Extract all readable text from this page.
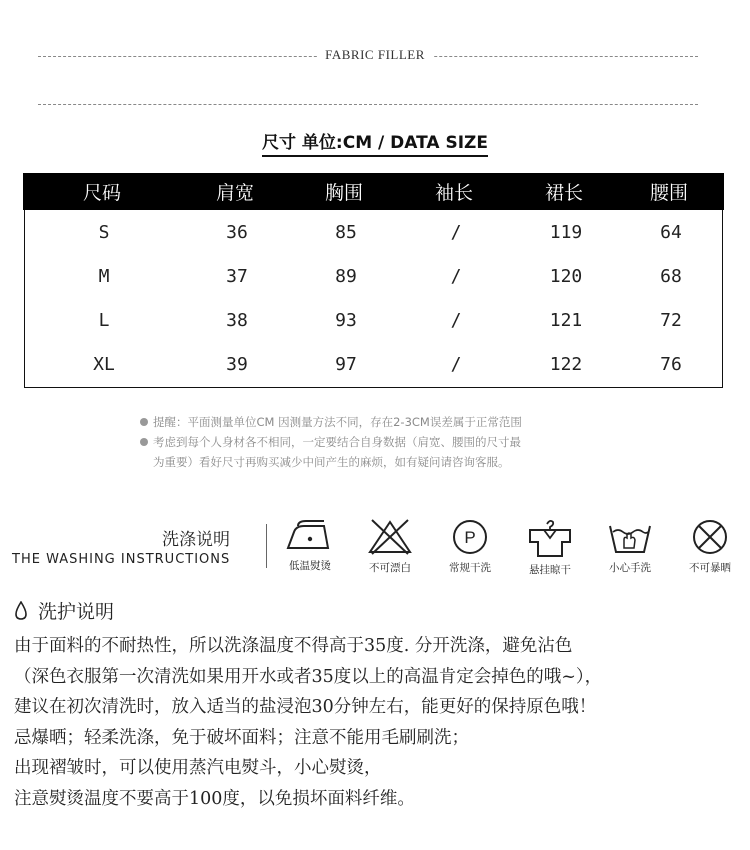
FABRIC FILLER
尺寸 单位:CM / DATA SIZE
尺码	肩宽	胸围	袖长	裙长	腰围
S	36	85	/	119	64
M	37	89	/	120	68
L	38	93	/	121	72
XL	39	97	/	122	76
提醒：平面测量单位CM 因测量方法不同，存在2-3CM误差属于正常范围
考虑到每个人身材各不相同，一定要结合自身数据（肩宽、腰围的尺寸最
为重要）看好尺寸再购买减少中间产生的麻烦，如有疑问请咨询客服。
洗涤说明
THE WASHING INSTRUCTIONS	低温熨烫	不可漂白
P
常规干洗	悬挂晾干	小心手洗	不可暴晒
洗护说明
由于面料的不耐热性，所以洗涤温度不得高于35度. 分开洗涤，避免沾色
（深色衣服第一次清洗如果用开水或者35度以上的高温肯定会掉色的哦~），
建议在初次清洗时，放入适当的盐浸泡30分钟左右，能更好的保持原色哦！
忌爆晒；轻柔洗涤，免于破坏面料；注意不能用毛刷刷洗；
出现褶皱时，可以使用蒸汽电熨斗，小心熨烫，
注意熨烫温度不要高于100度，以免损坏面料纤维。
